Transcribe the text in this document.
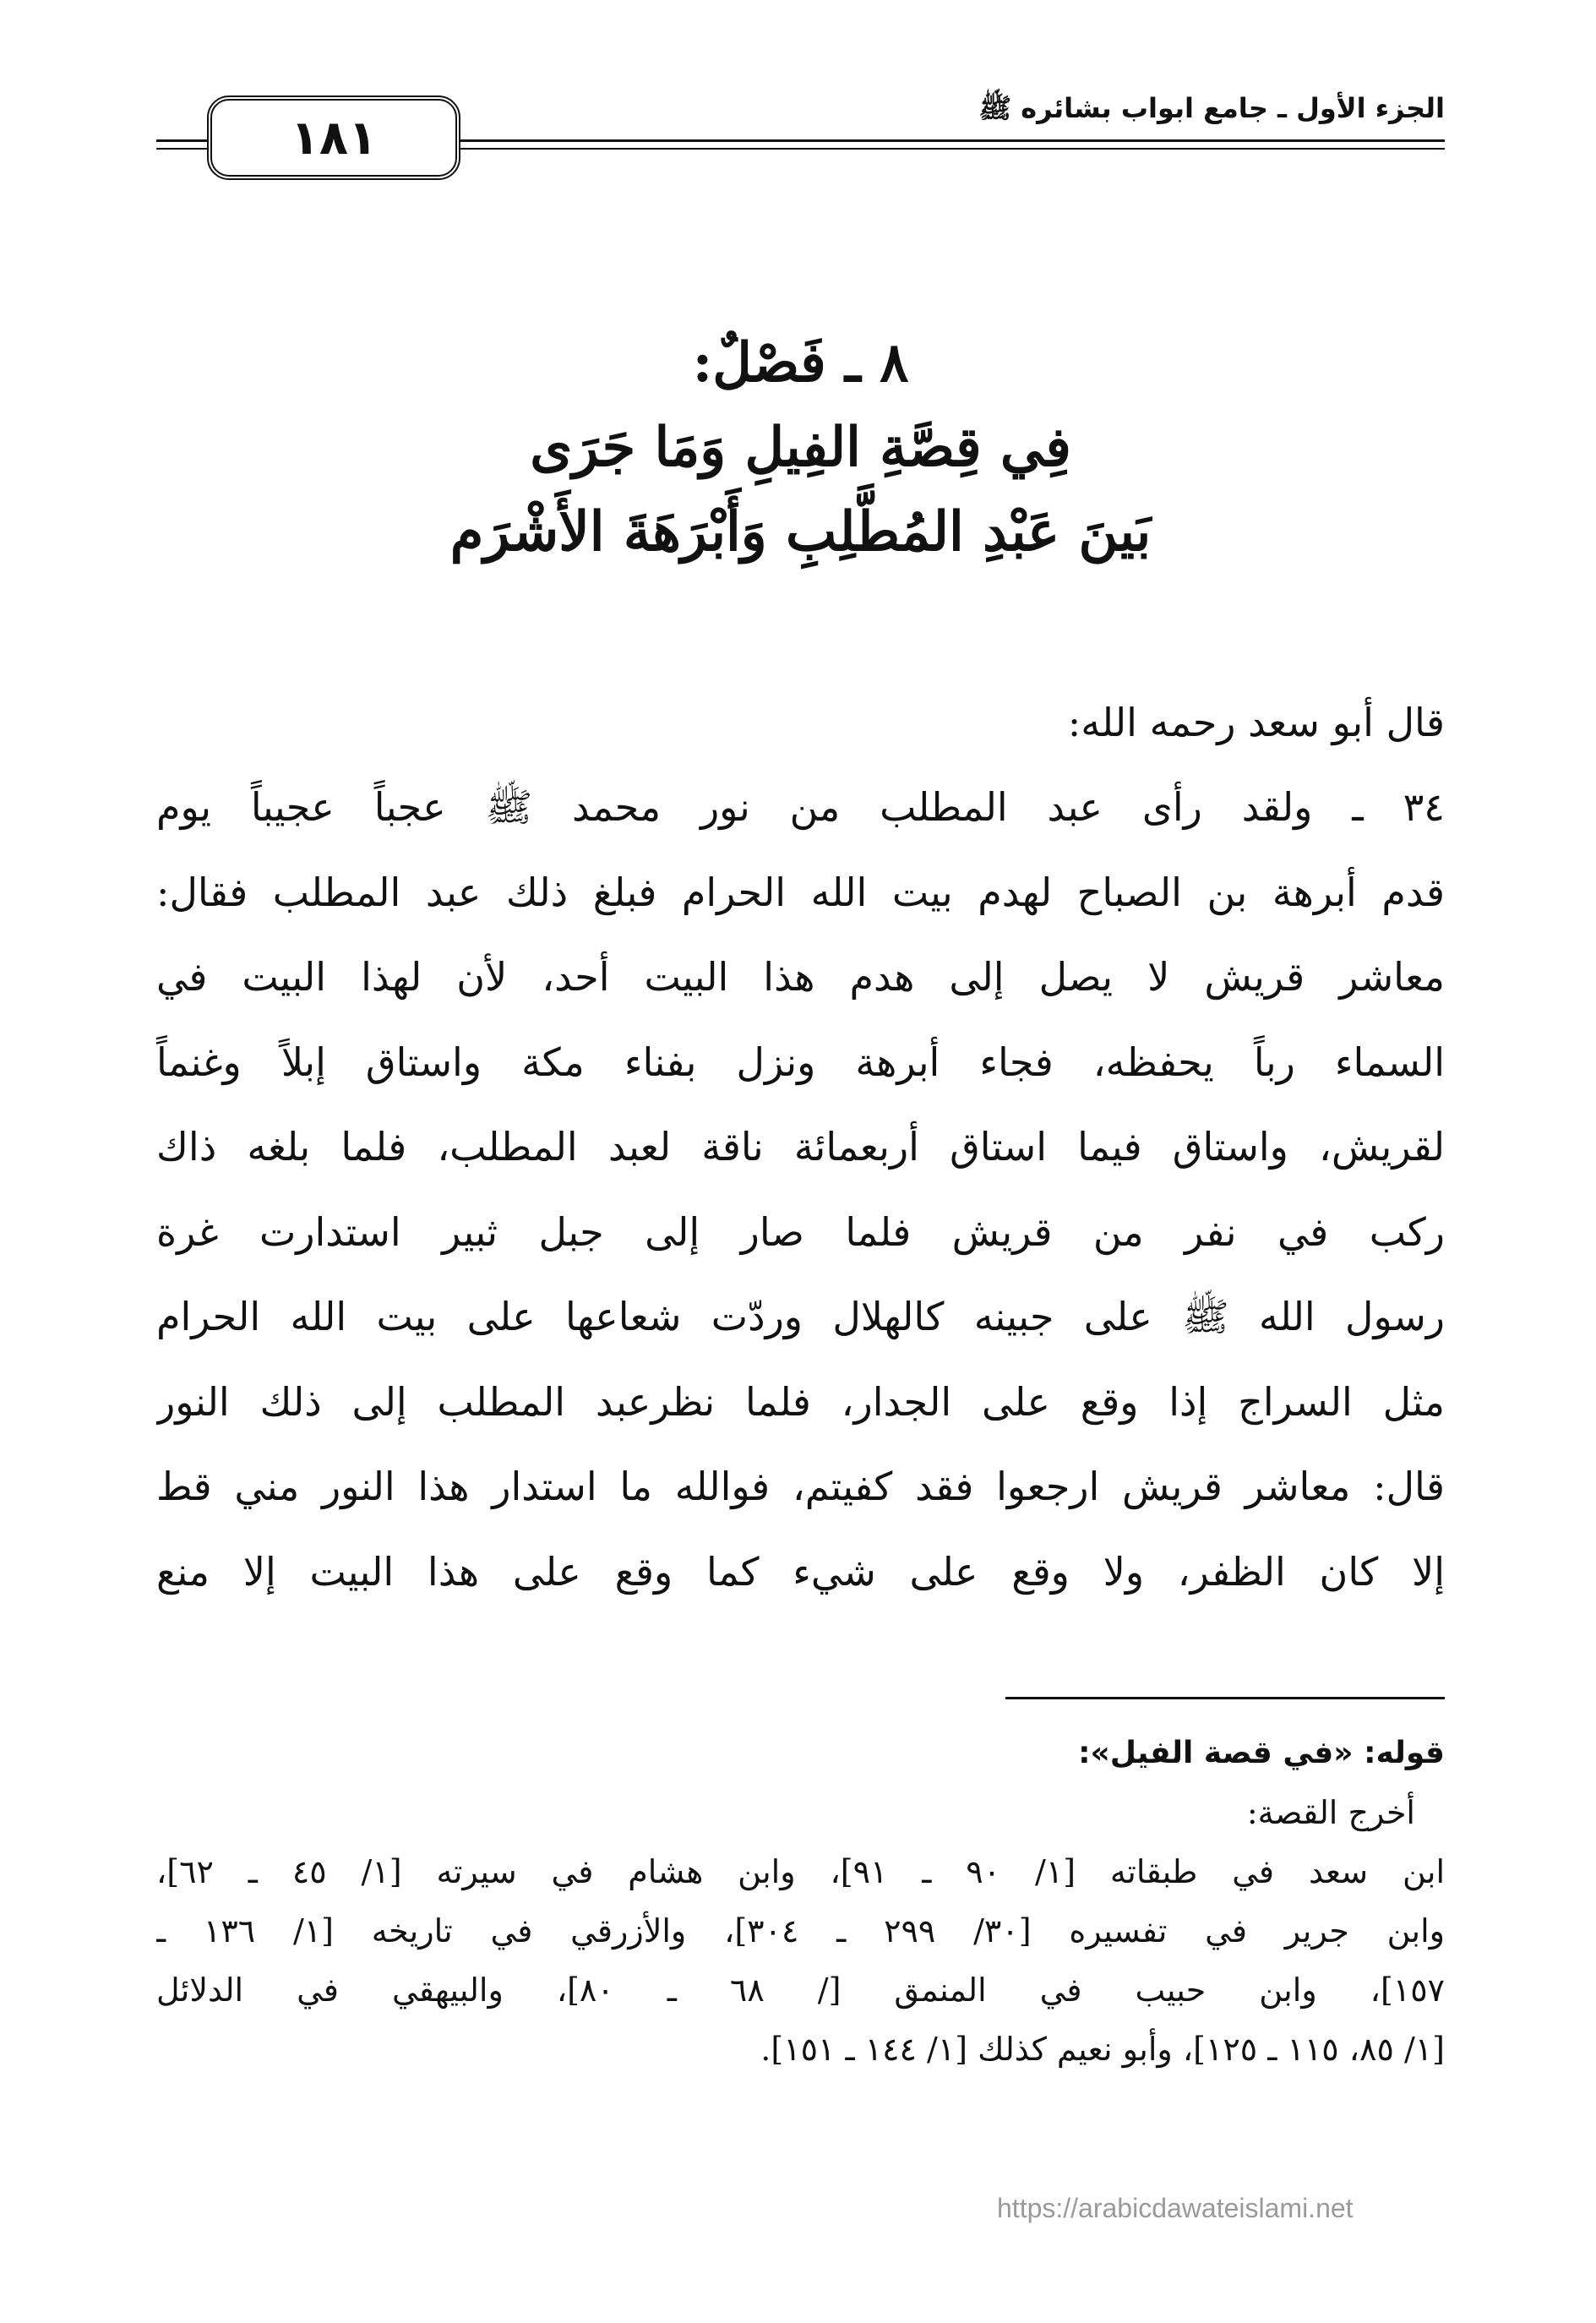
١٨١
الجزء الأول ـ جامع ابواب بشائره ﷺ
٨ ـ فَصْلٌ:
فِي قِصَّةِ الفِيلِ وَمَا جَرَى
بَينَ عَبْدِ المُطَّلِبِ وَأَبْرَهَةَ الأَشْرَم
قال أبو سعد رحمه الله:
٣٤ ـ ولقد رأى عبد المطلب من نور محمد ﷺ عجباً عجيباً يوم
قدم أبرهة بن الصباح لهدم بيت الله الحرام فبلغ ذلك عبد المطلب فقال:
معاشر قريش لا يصل إلى هدم هذا البيت أحد، لأن لهذا البيت في
السماء رباً يحفظه، فجاء أبرهة ونزل بفناء مكة واستاق إبلاً وغنماً
لقريش، واستاق فيما استاق أربعمائة ناقة لعبد المطلب، فلما بلغه ذاك
ركب في نفر من قريش فلما صار إلى جبل ثبير استدارت غرة
رسول الله ﷺ على جبينه كالهلال وردّت شعاعها على بيت الله الحرام
مثل السراج إذا وقع على الجدار، فلما نظرعبد المطلب إلى ذلك النور
قال: معاشر قريش ارجعوا فقد كفيتم، فوالله ما استدار هذا النور مني قط
إلا كان الظفر، ولا وقع على شيء كما وقع على هذا البيت إلا منع
قوله: «في قصة الفيل»:
أخرج القصة:
ابن سعد في طبقاته [١/ ٩٠ ـ ٩١]، وابن هشام في سيرته [١/ ٤٥ ـ ٦٢]،
وابن جرير في تفسيره [٣٠/ ٢٩٩ ـ ٣٠٤]، والأزرقي في تاريخه [١/ ١٣٦ ـ
١٥٧]، وابن حبيب في المنمق [/ ٦٨ ـ ٨٠]، والبيهقي في الدلائل
[١/ ٨٥، ١١٥ ـ ١٢٥]، وأبو نعيم كذلك [١/ ١٤٤ ـ ١٥١].
https://arabicdawateislami.net
